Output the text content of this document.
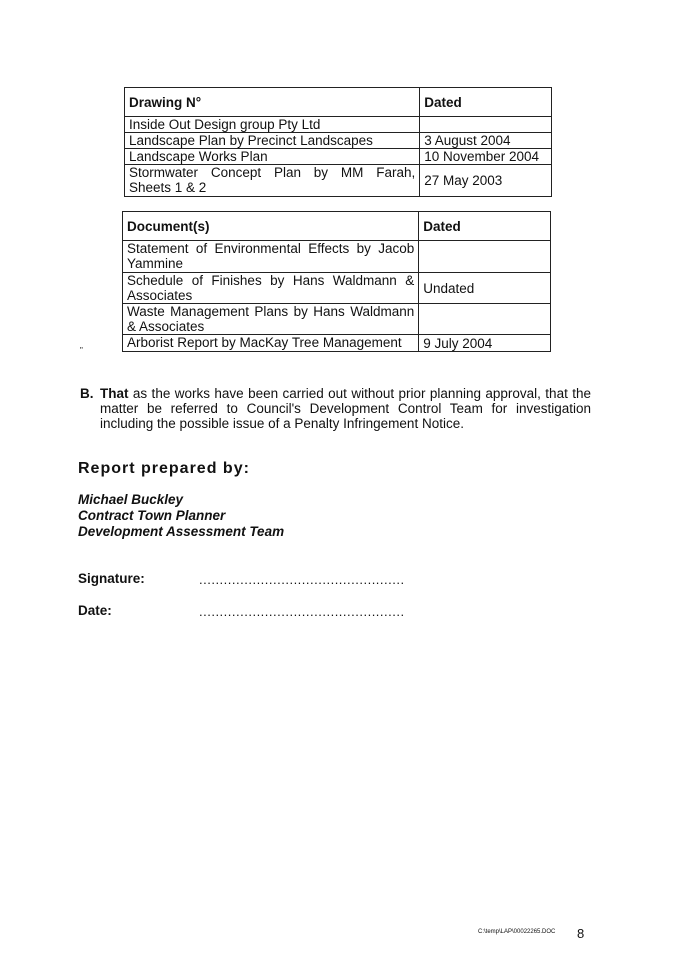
Drawing N°	Dated
Inside Out Design group Pty Ltd	
Landscape Plan by Precinct Landscapes	3 August 2004
Landscape Works Plan	10 November 2004

Stormwater Concept Plan by MM Farah,
Sheets 1 & 2	27 May 2003
Document(s)	Dated

Statement of Environmental Effects by Jacob
Yammine	

Schedule of Finishes by Hans Waldmann &
Associates	Undated

Waste Management Plans by Hans Waldmann
& Associates	

Arborist Report by MacKay Tree Management	9 July 2004
"
B. That as the works have been carried out without prior planning approval, that the matter be referred to Council's Development Control Team for investigation including the possible issue of a Penalty Infringement Notice.
Report prepared by:
Michael Buckley
Contract Town Planner
Development Assessment Team
Signature:	..................................................
Date:	..................................................
C:\temp\LAP\00022265.DOC 8
